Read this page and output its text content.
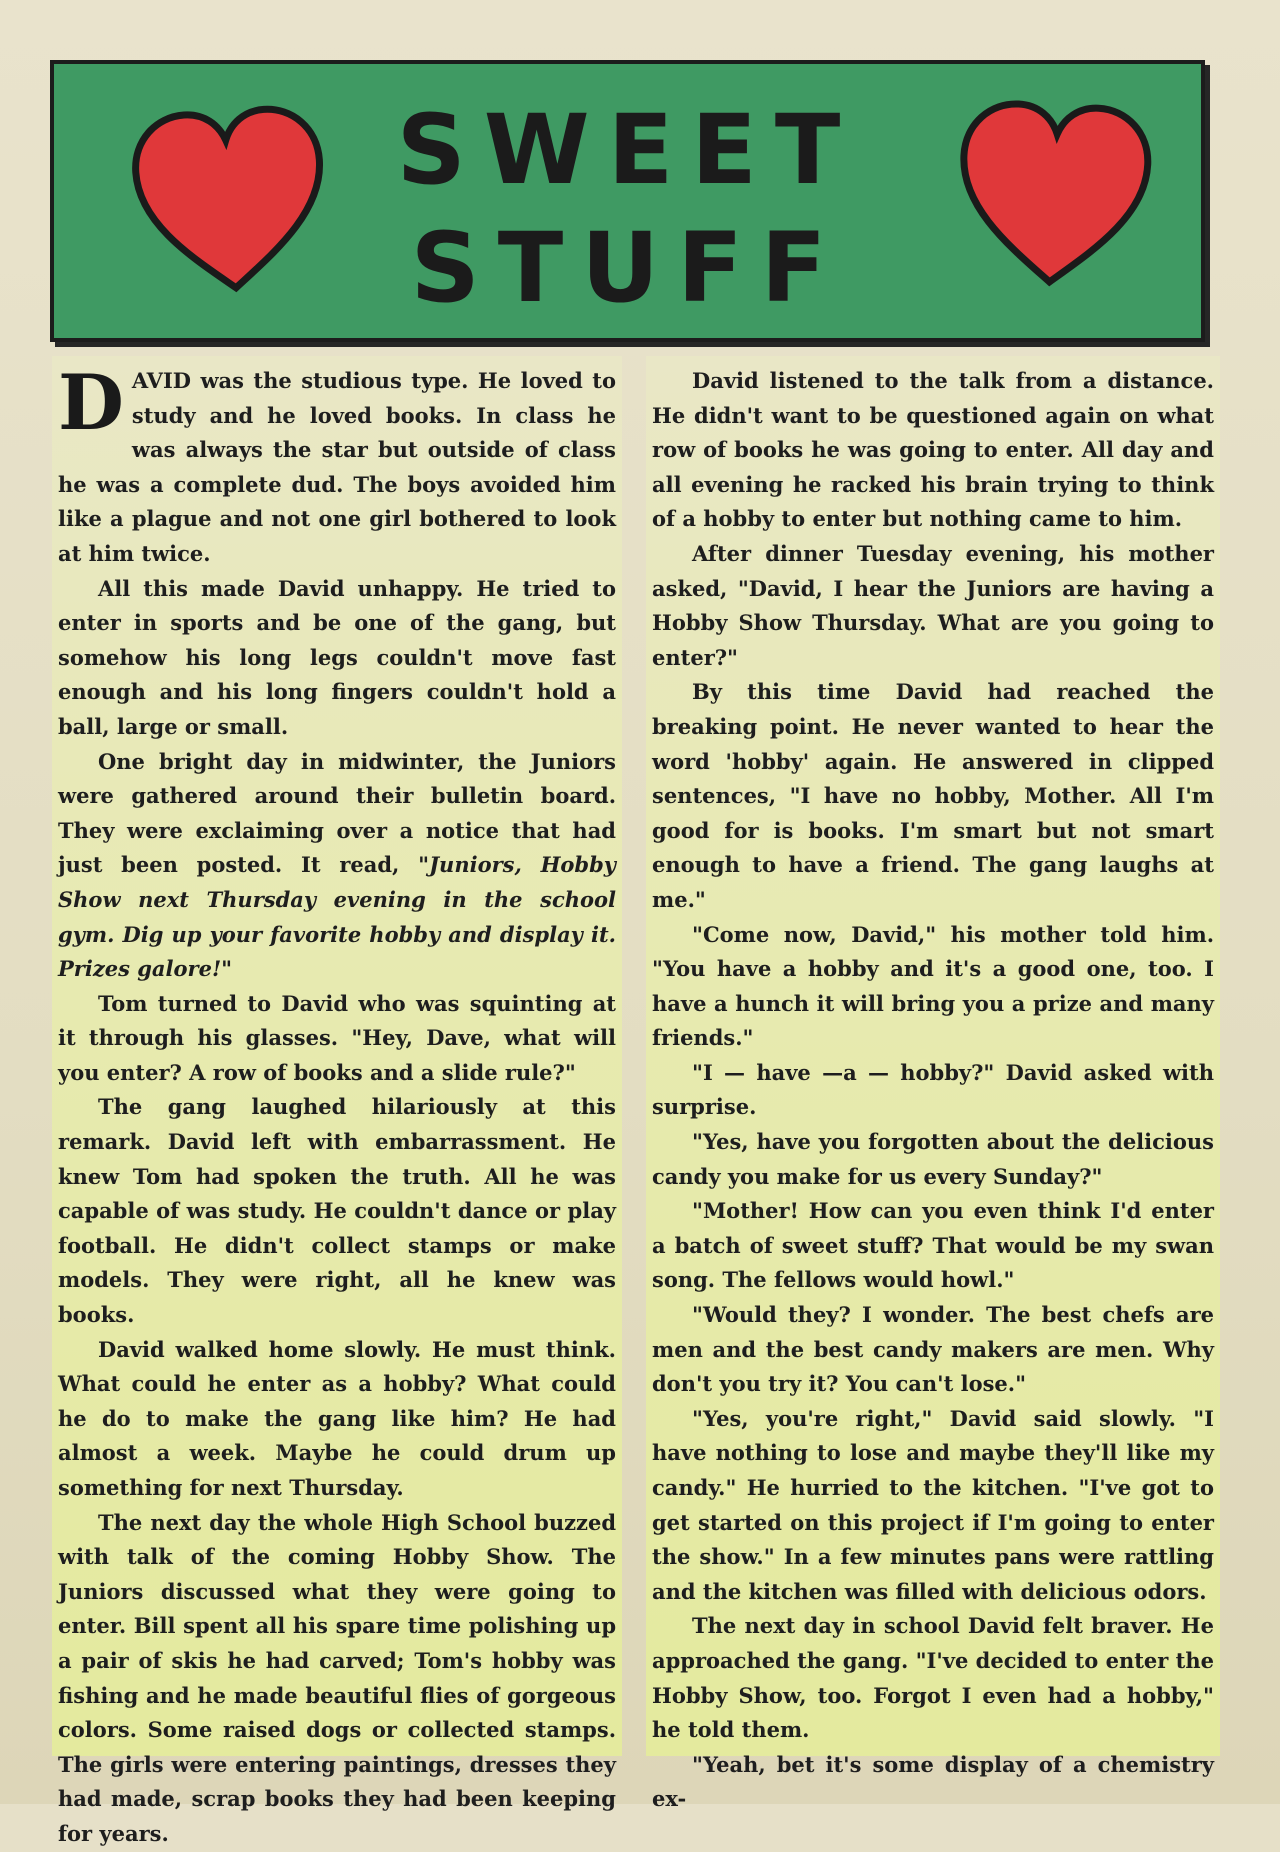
SWEET
STUFF

DAVID was the studious type. He loved to study and he loved books. In class he was always the star but outside of class he was a complete dud. The boys avoided him like a plague and not one girl bothered to look at him twice.

All this made David unhappy. He tried to enter in sports and be one of the gang, but somehow his long legs couldn't move fast enough and his long fingers couldn't hold a ball, large or small.

One bright day in midwinter, the Juniors were gathered around their bulletin board. They were exclaiming over a notice that had just been posted. It read, "Juniors, Hobby Show next Thursday evening in the school gym. Dig up your favorite hobby and display it. Prizes galore!"

Tom turned to David who was squinting at it through his glasses. "Hey, Dave, what will you enter? A row of books and a slide rule?"

The gang laughed hilariously at this remark. David left with embarrassment. He knew Tom had spoken the truth. All he was capable of was study. He couldn't dance or play football. He didn't collect stamps or make models. They were right, all he knew was books.

David walked home slowly. He must think. What could he enter as a hobby? What could he do to make the gang like him? He had almost a week. Maybe he could drum up something for next Thursday.

The next day the whole High School buzzed with talk of the coming Hobby Show. The Juniors discussed what they were going to enter. Bill spent all his spare time polishing up a pair of skis he had carved; Tom's hobby was fishing and he made beautiful flies of gorgeous colors. Some raised dogs or collected stamps. The girls were entering paintings, dresses they had made, scrap books they had been keeping for years.

David listened to the talk from a distance. He didn't want to be questioned again on what row of books he was going to enter. All day and all evening he racked his brain trying to think of a hobby to enter but nothing came to him.

After dinner Tuesday evening, his mother asked, "David, I hear the Juniors are having a Hobby Show Thursday. What are you going to enter?"

By this time David had reached the breaking point. He never wanted to hear the word 'hobby' again. He answered in clipped sentences, "I have no hobby, Mother. All I'm good for is books. I'm smart but not smart enough to have a friend. The gang laughs at me."

"Come now, David," his mother told him. "You have a hobby and it's a good one, too. I have a hunch it will bring you a prize and many friends."

"I — have —a — hobby?" David asked with surprise.

"Yes, have you forgotten about the delicious candy you make for us every Sunday?"

"Mother! How can you even think I'd enter a batch of sweet stuff? That would be my swan song. The fellows would howl."

"Would they? I wonder. The best chefs are men and the best candy makers are men. Why don't you try it? You can't lose."

"Yes, you're right," David said slowly. "I have nothing to lose and maybe they'll like my candy." He hurried to the kitchen. "I've got to get started on this project if I'm going to enter the show." In a few minutes pans were rattling and the kitchen was filled with delicious odors.

The next day in school David felt braver. He approached the gang. "I've decided to enter the Hobby Show, too. Forgot I even had a hobby," he told them.

"Yeah, bet it's some display of a chemistry ex-
